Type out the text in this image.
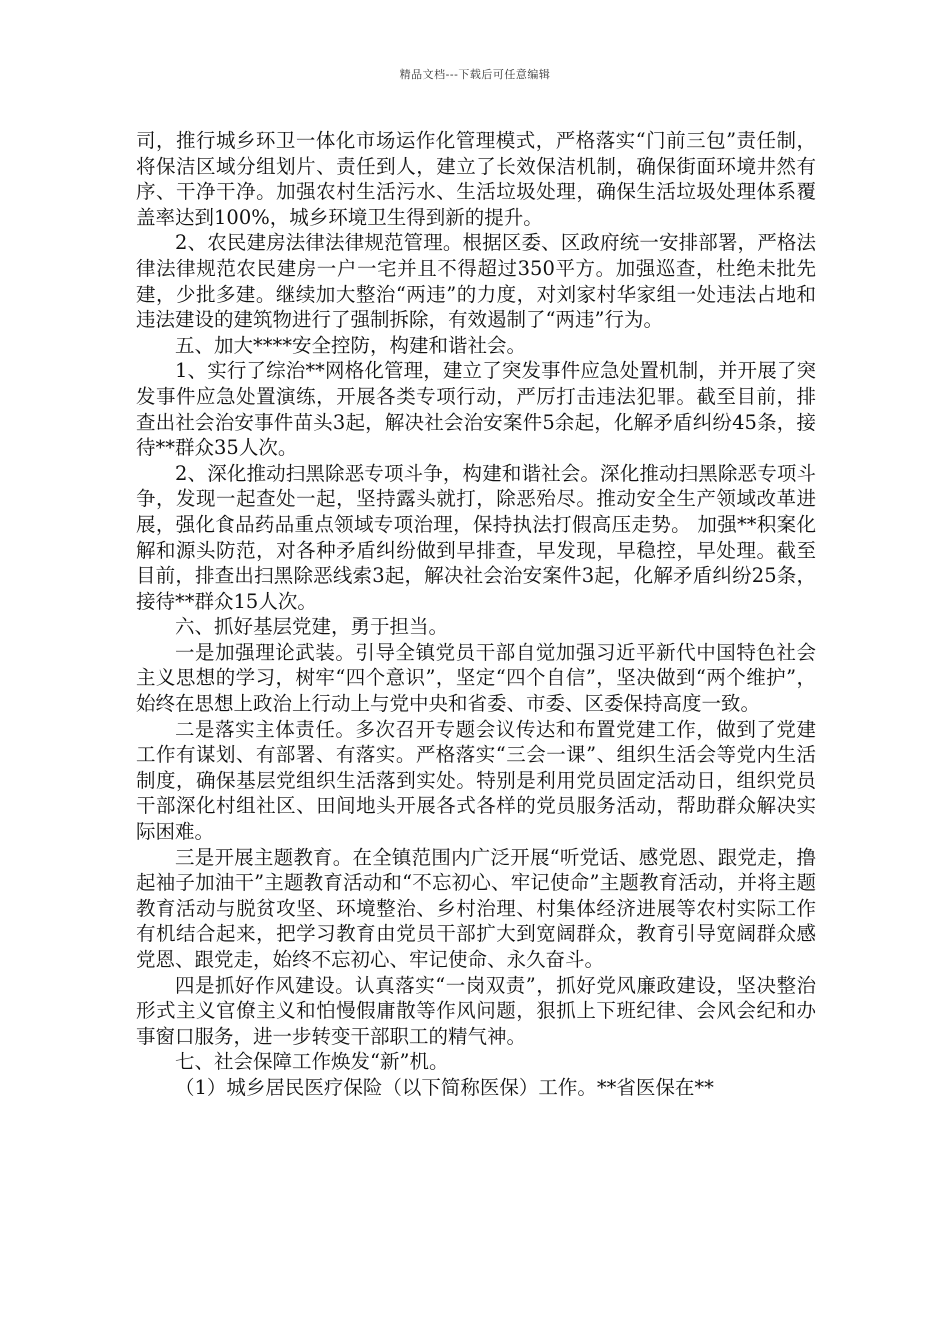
精品文档---下载后可任意编辑

司，推行城乡环卫一体化市场运作化管理模式，严格落实“门前三包”责任制，将保洁区域分组划片、责任到人，建立了长效保洁机制，确保街面环境井然有序、干净干净。加强农村生活污水、生活垃圾处理，确保生活垃圾处理体系覆盖率达到100%，城乡环境卫生得到新的提升。

2、农民建房法律法律规范管理。根据区委、区政府统一安排部署，严格法律法律规范农民建房一户一宅并且不得超过350平方。加强巡查，杜绝未批先建，少批多建。继续加大整治“两违”的力度，对刘家村华家组一处违法占地和违法建设的建筑物进行了强制拆除，有效遏制了“两违”行为。

五、加大****安全控防，构建和谐社会。

1、实行了综治**网格化管理，建立了突发事件应急处置机制，并开展了突发事件应急处置演练，开展各类专项行动，严厉打击违法犯罪。截至目前，排查出社会治安事件苗头3起，解决社会治安案件5余起，化解矛盾纠纷45条，接待**群众35人次。

2、深化推动扫黑除恶专项斗争，构建和谐社会。深化推动扫黑除恶专项斗争，发现一起查处一起，坚持露头就打，除恶殆尽。推动安全生产领域改革进展，强化食品药品重点领域专项治理，保持执法打假高压走势。 加强**积案化解和源头防范，对各种矛盾纠纷做到早排查，早发现，早稳控，早处理。截至目前，排查出扫黑除恶线索3起，解决社会治安案件3起，化解矛盾纠纷25条，接待**群众15人次。

六、抓好基层党建，勇于担当。

一是加强理论武装。引导全镇党员干部自觉加强习近平新代中国特色社会主义思想的学习，树牢“四个意识”，坚定“四个自信”，坚决做到“两个维护”，始终在思想上政治上行动上与党中央和省委、市委、区委保持高度一致。

二是落实主体责任。多次召开专题会议传达和布置党建工作，做到了党建工作有谋划、有部署、有落实。严格落实“三会一课”、组织生活会等党内生活制度，确保基层党组织生活落到实处。特别是利用党员固定活动日，组织党员干部深化村组社区、田间地头开展各式各样的党员服务活动，帮助群众解决实际困难。

三是开展主题教育。在全镇范围内广泛开展“听党话、感党恩、跟党走，撸起袖子加油干”主题教育活动和“不忘初心、牢记使命”主题教育活动，并将主题教育活动与脱贫攻坚、环境整治、乡村治理、村集体经济进展等农村实际工作有机结合起来，把学习教育由党员干部扩大到宽阔群众，教育引导宽阔群众感党恩、跟党走，始终不忘初心、牢记使命、永久奋斗。

四是抓好作风建设。认真落实“一岗双责”，抓好党风廉政建设，坚决整治形式主义官僚主义和怕慢假庸散等作风问题，狠抓上下班纪律、会风会纪和办事窗口服务，进一步转变干部职工的精气神。

七、社会保障工作焕发“新”机。

（1）城乡居民医疗保险（以下简称医保）工作。**省医保在**
